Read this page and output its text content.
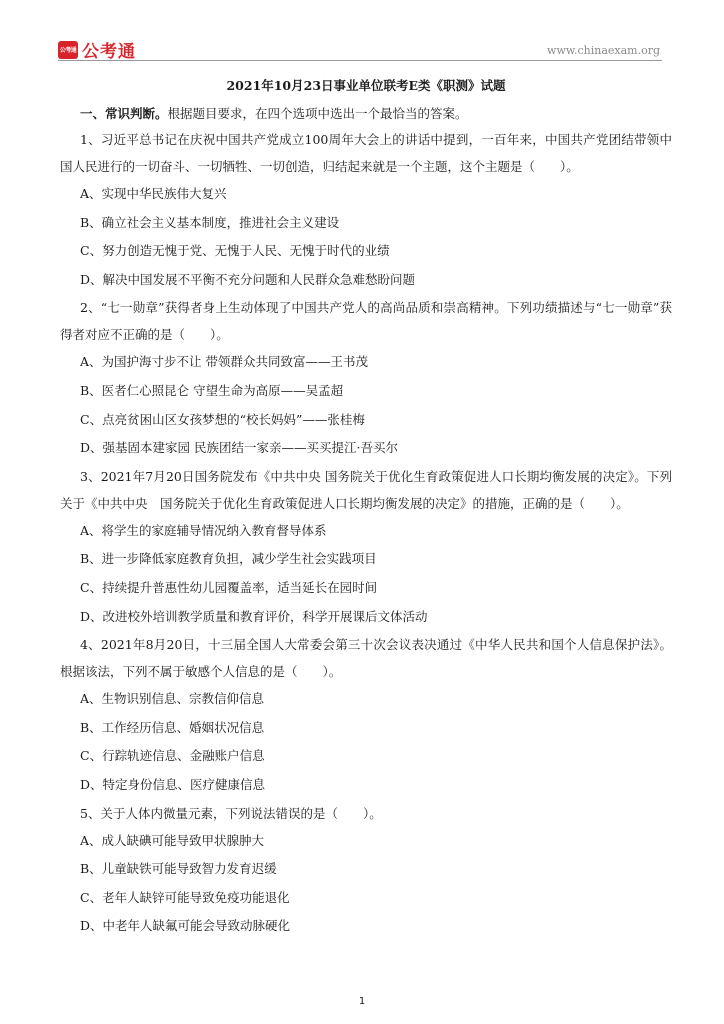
公考通 公考通	www.chinaexam.org
2021年10月23日事业单位联考E类《职测》试题
一、常识判断。根据题目要求，在四个选项中选出一个最恰当的答案。

1、习近平总书记在庆祝中国共产党成立100周年大会上的讲话中提到，一百年来，中国共产党团结带领中国人民进行的一切奋斗、一切牺牲、一切创造，归结起来就是一个主题，这个主题是（　　）。

A、实现中华民族伟大复兴

B、确立社会主义基本制度，推进社会主义建设

C、努力创造无愧于党、无愧于人民、无愧于时代的业绩

D、解决中国发展不平衡不充分问题和人民群众急难愁盼问题

2、“七一勋章”获得者身上生动体现了中国共产党人的高尚品质和崇高精神。下列功绩描述与“七一勋章”获得者对应不正确的是（　　）。

A、为国护海寸步不让 带领群众共同致富——王书茂

B、医者仁心照昆仑 守望生命为高原——吴孟超

C、点亮贫困山区女孩梦想的“校长妈妈”——张桂梅

D、强基固本建家园 民族团结一家亲——买买提江·吾买尔

3、2021年7月20日国务院发布《中共中央 国务院关于优化生育政策促进人口长期均衡发展的决定》。下列关于《中共中央　国务院关于优化生育政策促进人口长期均衡发展的决定》的措施，正确的是（　　）。

A、将学生的家庭辅导情况纳入教育督导体系

B、进一步降低家庭教育负担，减少学生社会实践项目

C、持续提升普惠性幼儿园覆盖率，适当延长在园时间

D、改进校外培训教学质量和教育评价，科学开展课后文体活动

4、2021年8月20日，十三届全国人大常委会第三十次会议表决通过《中华人民共和国个人信息保护法》。根据该法，下列不属于敏感个人信息的是（　　）。

A、生物识别信息、宗教信仰信息

B、工作经历信息、婚姻状况信息

C、行踪轨迹信息、金融账户信息

D、特定身份信息、医疗健康信息

5、关于人体内微量元素，下列说法错误的是（　　）。

A、成人缺碘可能导致甲状腺肿大

B、儿童缺铁可能导致智力发育迟缓

C、老年人缺锌可能导致免疫功能退化

D、中老年人缺氟可能会导致动脉硬化

1
